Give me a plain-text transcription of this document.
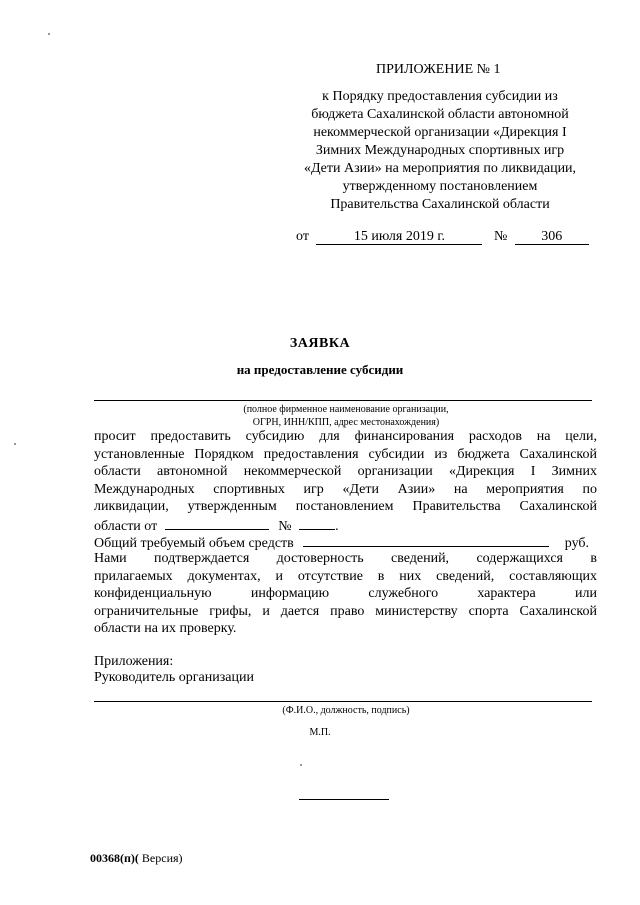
ПРИЛОЖЕНИЕ № 1
к Порядку предоставления субсидии из
бюджета Сахалинской области автономной
некоммерческой организации «Дирекция I
Зимних Международных спортивных игр
«Дети Азии» на мероприятия по ликвидации,
утвержденному постановлением
Правительства Сахалинской области
от	15 июля 2019 г.	№ 306
ЗАЯВКА
на предоставление субсидии
(полное фирменное наименование организации,
ОГРН, ИНН/КПП, адрес местонахождения)
просит предоставить субсидию для финансирования расходов на цели,
установленные Порядком предоставления субсидии из бюджета Сахалинской
области автономной некоммерческой организации «Дирекция I Зимних
Международных спортивных игр «Дети Азии» на мероприятия по
ликвидации, утвержденным постановлением Правительства Сахалинской
области от	№	.
Общий требуемый объем средств	руб.
Нами подтверждается достоверность сведений, содержащихся в
прилагаемых документах, и отсутствие в них сведений, составляющих
конфиденциальную информацию служебного характера или
ограничительные грифы, и дается право министерству спорта Сахалинской
области на их проверку.
Приложения:
Руководитель организации
(Ф.И.О., должность, подпись)
М.П.
00368(п)( Версия)
